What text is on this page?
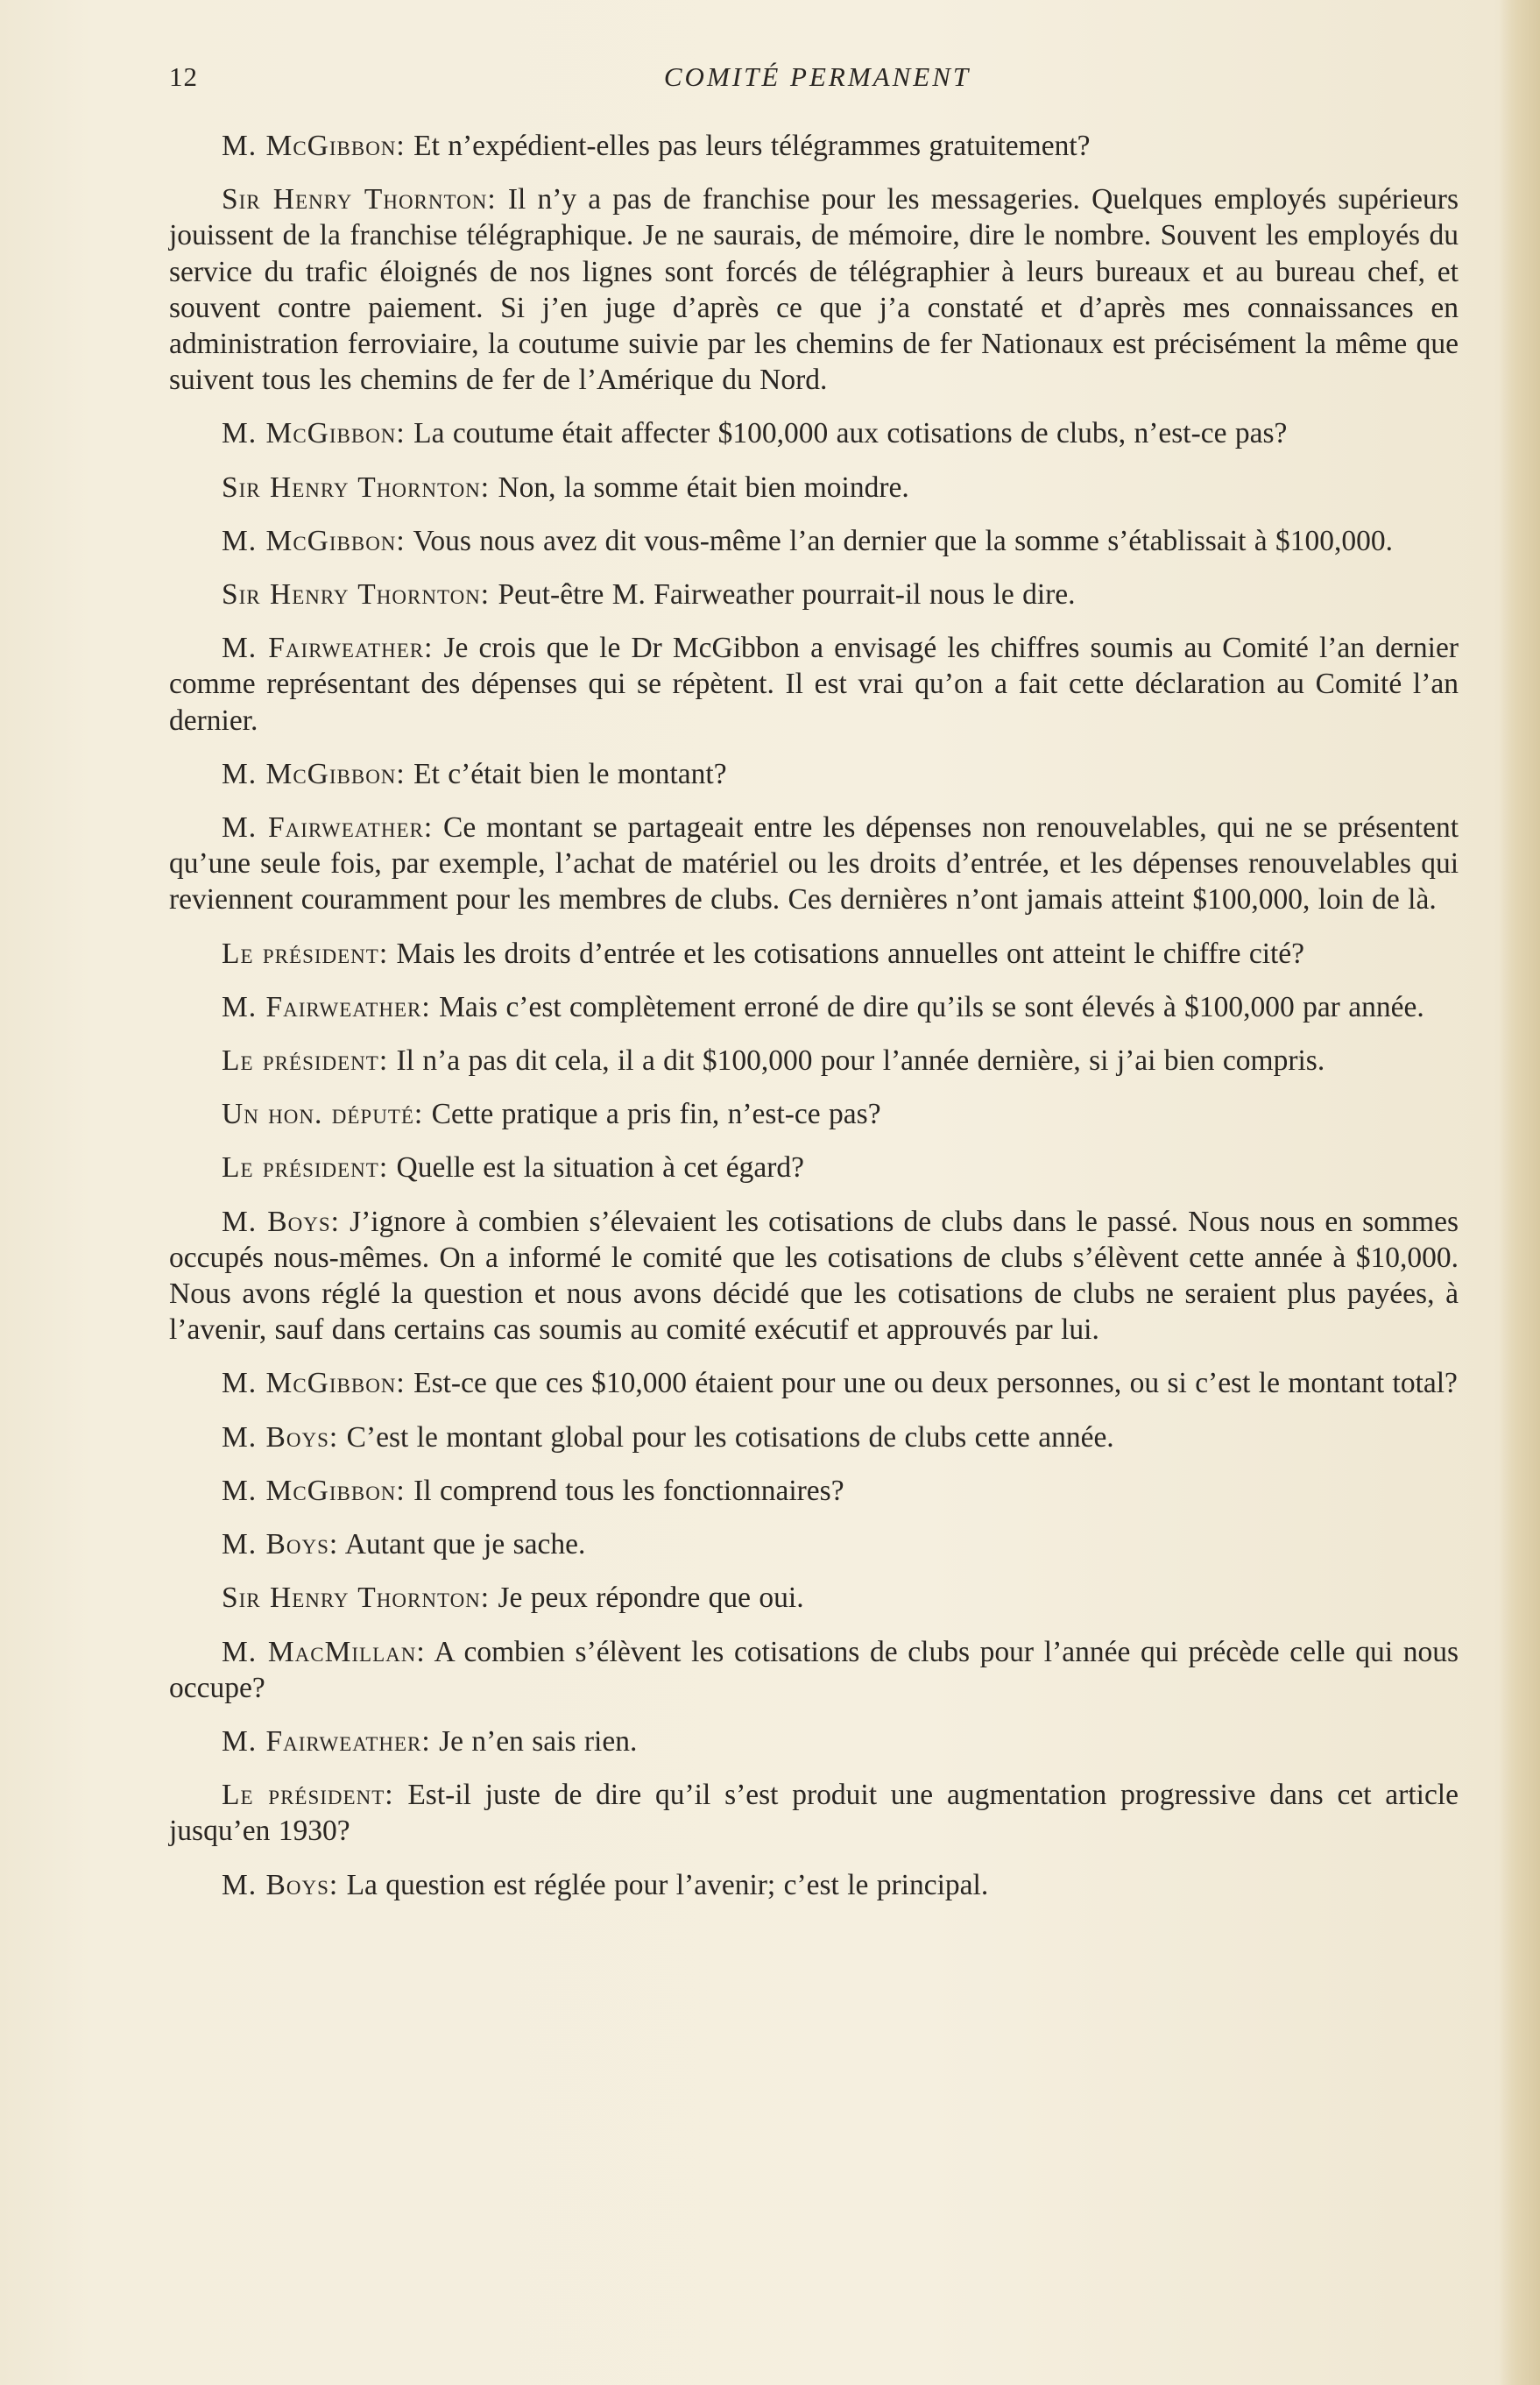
12	COMITÉ PERMANENT

M. McGibbon: Et n’expédient-elles pas leurs télégrammes gratuitement?

Sir Henry Thornton: Il n’y a pas de franchise pour les messageries. Quelques employés supérieurs jouissent de la franchise télégraphique. Je ne saurais, de mémoire, dire le nombre. Souvent les employés du service du trafic éloignés de nos lignes sont forcés de télégraphier à leurs bureaux et au bureau chef, et souvent contre paiement. Si j’en juge d’après ce que j’a constaté et d’après mes connaissances en administration ferroviaire, la coutume suivie par les chemins de fer Nationaux est précisément la même que suivent tous les chemins de fer de l’Amérique du Nord.

M. McGibbon: La coutume était affecter $100,000 aux cotisations de clubs, n’est-ce pas?

Sir Henry Thornton: Non, la somme était bien moindre.

M. McGibbon: Vous nous avez dit vous-même l’an dernier que la somme s’établissait à $100,000.

Sir Henry Thornton: Peut-être M. Fairweather pourrait-il nous le dire.

M. Fairweather: Je crois que le Dr McGibbon a envisagé les chiffres soumis au Comité l’an dernier comme représentant des dépenses qui se répètent. Il est vrai qu’on a fait cette déclaration au Comité l’an dernier.

M. McGibbon: Et c’était bien le montant?

M. Fairweather: Ce montant se partageait entre les dépenses non renouvelables, qui ne se présentent qu’une seule fois, par exemple, l’achat de matériel ou les droits d’entrée, et les dépenses renouvelables qui reviennent couramment pour les membres de clubs. Ces dernières n’ont jamais atteint $100,000, loin de là.

Le président: Mais les droits d’entrée et les cotisations annuelles ont atteint le chiffre cité?

M. Fairweather: Mais c’est complètement erroné de dire qu’ils se sont élevés à $100,000 par année.

Le président: Il n’a pas dit cela, il a dit $100,000 pour l’année dernière, si j’ai bien compris.

Un hon. député: Cette pratique a pris fin, n’est-ce pas?

Le président: Quelle est la situation à cet égard?

M. Boys: J’ignore à combien s’élevaient les cotisations de clubs dans le passé. Nous nous en sommes occupés nous-mêmes. On a informé le comité que les cotisations de clubs s’élèvent cette année à $10,000. Nous avons réglé la question et nous avons décidé que les cotisations de clubs ne seraient plus payées, à l’avenir, sauf dans certains cas soumis au comité exécutif et approuvés par lui.

M. McGibbon: Est-ce que ces $10,000 étaient pour une ou deux personnes, ou si c’est le montant total?

M. Boys: C’est le montant global pour les cotisations de clubs cette année.

M. McGibbon: Il comprend tous les fonctionnaires?

M. Boys: Autant que je sache.

Sir Henry Thornton: Je peux répondre que oui.

M. MacMillan: A combien s’élèvent les cotisations de clubs pour l’année qui précède celle qui nous occupe?

M. Fairweather: Je n’en sais rien.

Le président: Est-il juste de dire qu’il s’est produit une augmentation progressive dans cet article jusqu’en 1930?

M. Boys: La question est réglée pour l’avenir; c’est le principal.
